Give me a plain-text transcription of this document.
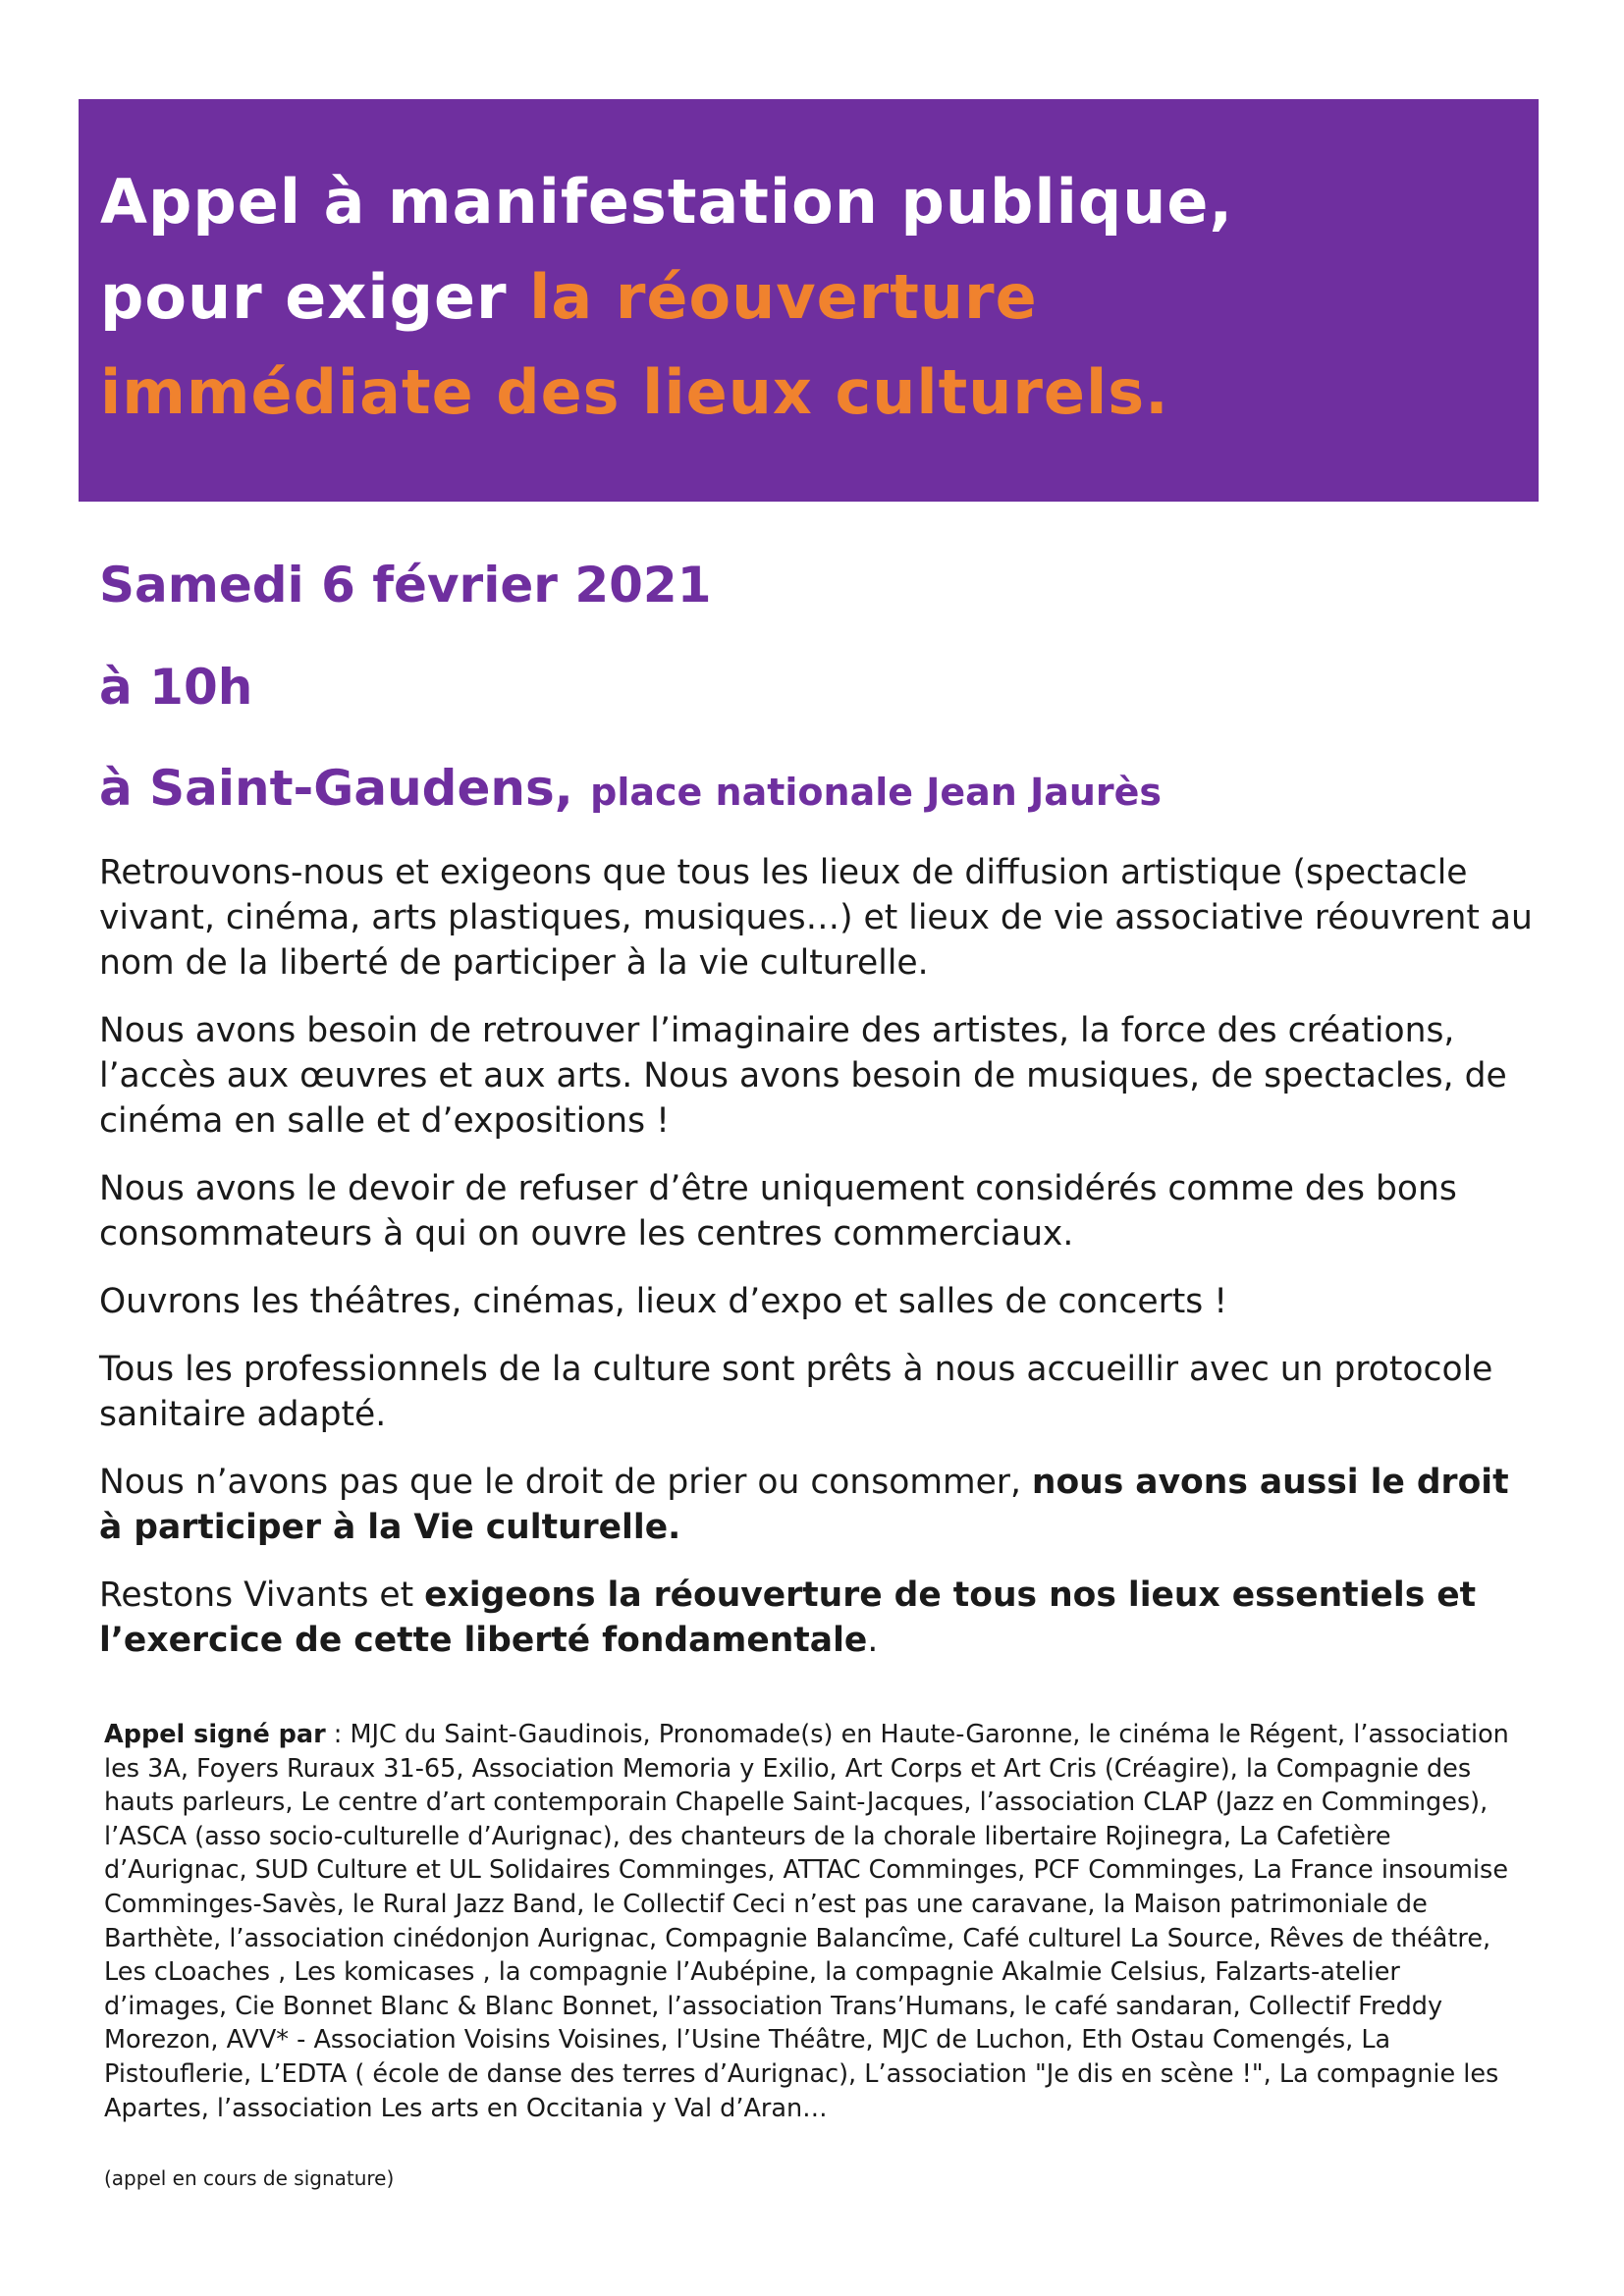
Appel à manifestation publique,
pour exiger la réouverture
immédiate des lieux culturels.
Samedi 6 février 2021
à 10h
à Saint-Gaudens, place nationale Jean Jaurès

Retrouvons-nous et exigeons que tous les lieux de diffusion artistique (spectacle vivant, cinéma, arts plastiques, musiques…) et lieux de vie associative réouvrent au nom de la liberté de participer à la vie culturelle.

Nous avons besoin de retrouver l’imaginaire des artistes, la force des créations, l’accès aux œuvres et aux arts. Nous avons besoin de musiques, de spectacles, de cinéma en salle et d’expositions !

Nous avons le devoir de refuser d’être uniquement considérés comme des bons consommateurs à qui on ouvre les centres commerciaux.

Ouvrons les théâtres, cinémas, lieux d’expo et salles de concerts !

Tous les professionnels de la culture sont prêts à nous accueillir avec un protocole sanitaire adapté.

Nous n’avons pas que le droit de prier ou consommer, nous avons aussi le droit à participer à la Vie culturelle.

Restons Vivants et exigeons la réouverture de tous nos lieux essentiels et l’exercice de cette liberté fondamentale.

Appel signé par : MJC du Saint-Gaudinois, Pronomade(s) en Haute-Garonne, le cinéma le Régent, l’association les 3A, Foyers Ruraux 31-65, Association Memoria y Exilio, Art Corps et Art Cris (Créagire), la Compagnie des hauts parleurs, Le centre d’art contemporain Chapelle Saint-Jacques, l’association CLAP (Jazz en Comminges), l’ASCA (asso socio-culturelle d’Aurignac), des chanteurs de la chorale libertaire Rojinegra, La Cafetière d’Aurignac, SUD Culture et UL Solidaires Comminges, ATTAC Comminges, PCF Comminges, La France insoumise Comminges-Savès, le Rural Jazz Band, le Collectif Ceci n’est pas une caravane, la Maison patrimoniale de Barthète, l’association cinédonjon Aurignac, Compagnie Balancîme, Café culturel La Source, Rêves de théâtre, Les cLoaches , Les komicases , la compagnie l’Aubépine, la compagnie Akalmie Celsius, Falzarts-atelier d’images, Cie Bonnet Blanc & Blanc Bonnet, l’association Trans’Humans, le café sandaran, Collectif Freddy Morezon, AVV* - Association Voisins Voisines, l’Usine Théâtre, MJC de Luchon, Eth Ostau Comengés, La Pistouflerie, L’EDTA ( école de danse des terres d’Aurignac), L’association "Je dis en scène !", La compagnie les Apartes, l’association Les arts en Occitania y Val d’Aran…
(appel en cours de signature)
